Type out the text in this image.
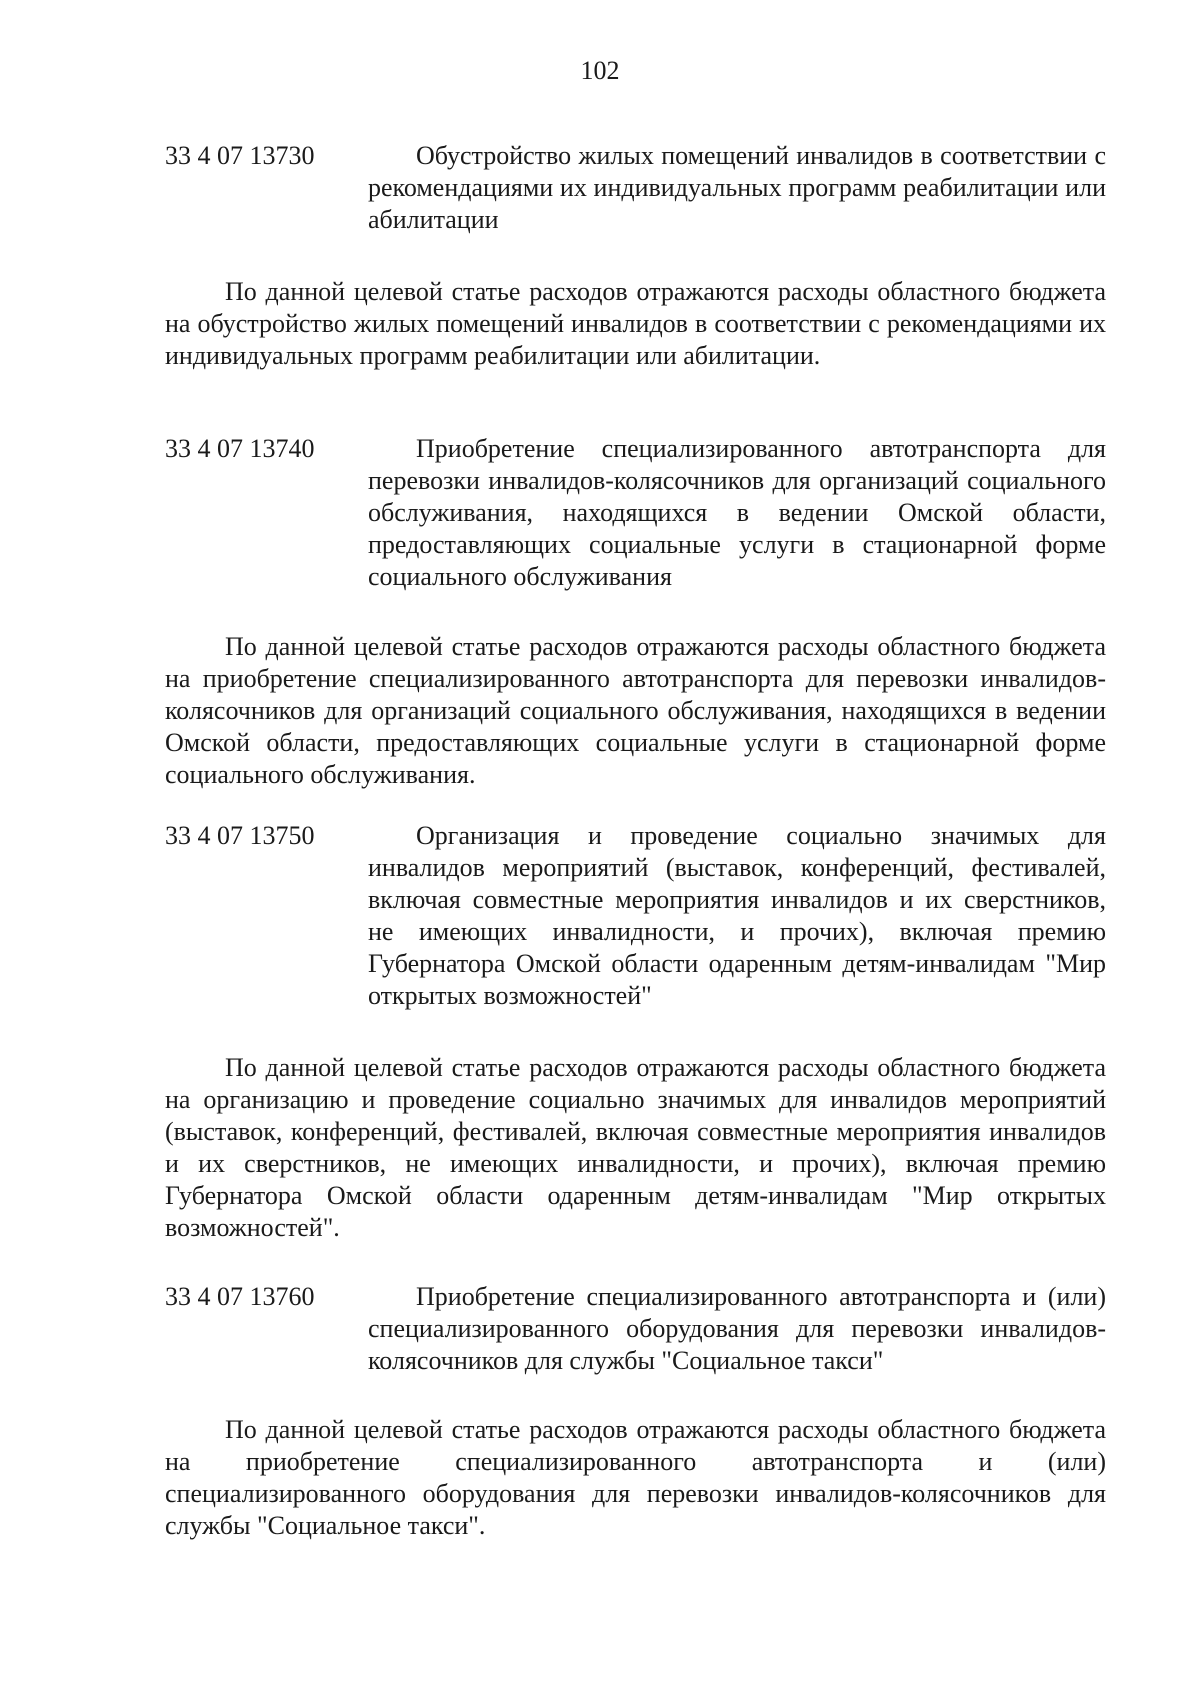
102
33 4 07 13730	Обустройство жилых помещений инвалидов в соответствии с рекомендациями их индивидуальных программ реабилитации или абилитации
По данной целевой статье расходов отражаются расходы областного бюджета на обустройство жилых помещений инвалидов в соответствии с рекомендациями их индивидуальных программ реабилитации или абилитации.
33 4 07 13740	Приобретение специализированного автотранспорта для перевозки инвалидов-колясочников для организаций социального обслуживания, находящихся в ведении Омской области, предоставляющих социальные услуги в стационарной форме социального обслуживания
По данной целевой статье расходов отражаются расходы областного бюджета на приобретение специализированного автотранспорта для перевозки инвалидов-колясочников для организаций социального обслуживания, находящихся в ведении Омской области, предоставляющих социальные услуги в стационарной форме социального обслуживания.
33 4 07 13750	Организация и проведение социально значимых для инвалидов мероприятий (выставок, конференций, фестивалей, включая совместные мероприятия инвалидов и их сверстников, не имеющих инвалидности, и прочих), включая премию Губернатора Омской области одаренным детям-инвалидам "Мир открытых возможностей"
По данной целевой статье расходов отражаются расходы областного бюджета на организацию и проведение социально значимых для инвалидов мероприятий (выставок, конференций, фестивалей, включая совместные мероприятия инвалидов и их сверстников, не имеющих инвалидности, и прочих), включая премию Губернатора Омской области одаренным детям-инвалидам "Мир открытых возможностей".
33 4 07 13760	Приобретение специализированного автотранспорта и (или) специализированного оборудования для перевозки инвалидов-колясочников для службы "Социальное такси"
По данной целевой статье расходов отражаются расходы областного бюджета на приобретение специализированного автотранспорта и (или) специализированного оборудования для перевозки инвалидов-колясочников для службы "Социальное такси".
